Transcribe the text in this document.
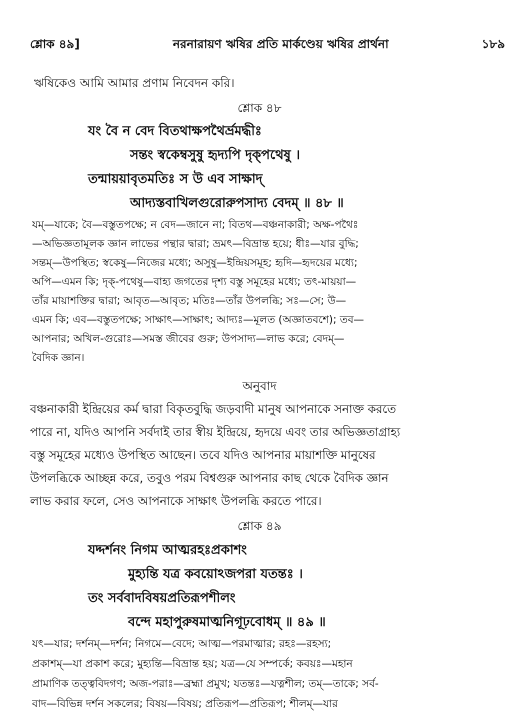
শ্লোক ৪৯]	নরনারায়ণ ঋষির প্রতি মার্কণ্ডেয় ঋষির প্রার্থনা	১৮৯
ঋষিকেও আমি আমার প্রণাম নিবেদন করি।
শ্লোক ৪৮
যং বৈ ন বেদ বিতথাক্ষপথৈর্ভ্রমদ্ধীঃ
সন্তং স্বকেম্বসুষু হৃদ্যপি দৃক্পথেষু ।
তন্মায়য়াবৃতমতিঃ স উ এব সাক্ষাদ্
আদ্যস্তবাখিলগুরোরুপসাদ্য বেদম্ ॥ ৪৮ ॥
যম্—যাকে; বৈ—বস্তুতপক্ষে; ন বেদ—জানে না; বিতথ—বঞ্চনাকারী; অক্ষ-পথৈঃ
—অভিজ্ঞতামূলক জ্ঞান লাভের পন্থার দ্বারা; ভ্রমৎ—বিভ্রান্ত হয়ে; ধীঃ—যার বুদ্ধি;
সন্তম্—উপস্থিত; স্বকেষু—নিজের মধ্যে; অসুষু—ইন্দ্রিয়সমূহ; হৃদি—হৃদয়ের মধ্যে;
অপি—এমন কি; দৃক্-পথেষু—বাহ্য জগতের দৃশ্য বস্তু সমূহের মধ্যে; তৎ-মায়য়া—
তাঁর মায়াশক্তির দ্বারা; আবৃত—আবৃত; মতিঃ—তাঁর উপলব্ধি; সঃ—সে; উ—
এমন কি; এব—বস্তুতপক্ষে; সাক্ষাৎ—সাক্ষাৎ; আদ্যঃ—মূলত (অজ্ঞাতবশে); তব—
আপনার; অখিল-গুরোঃ—সমস্ত জীবের গুরু; উপসাদ্য—লাভ করে; বেদম্—
বৈদিক জ্ঞান।
অনুবাদ
বঞ্চনাকারী ইন্দ্রিয়ের কর্ম দ্বারা বিকৃতবুদ্ধি জড়বাদী মানুষ আপনাকে সনাক্ত করতে
পারে না, যদিও আপনি সর্বদাই তার স্বীয় ইন্দ্রিয়ে, হৃদয়ে এবং তার অভিজ্ঞতাগ্রাহ্য
বস্তু সমূহের মধ্যেও উপস্থিত আছেন। তবে যদিও আপনার মায়াশক্তি মানুষের
উপলব্ধিকে আচ্ছন্ন করে, তবুও পরম বিশ্বগুরু আপনার কাছ থেকে বৈদিক জ্ঞান
লাভ করার ফলে, সেও আপনাকে সাক্ষাৎ উপলব্ধি করতে পারে।
শ্লোক ৪৯
যদ্দর্শনং নিগম আত্মরহঃপ্রকাশং
মুহ্যন্তি যত্র কবয়োঽজপরা যতন্তঃ ।
তং সর্ববাদবিষয়প্রতিরূপশীলং
বন্দে মহাপুরুষমাত্মনিগূঢ়বোধম্ ॥ ৪৯ ॥
যৎ—যার; দর্শনম্—দর্শন; নিগমে—বেদে; আত্ম—পরমাত্মার; রহঃ—রহস্য;
প্রকাশম্—যা প্রকাশ করে; মুহ্যন্তি—বিভ্রান্ত হয়; যত্র—যে সম্পর্কে; কবয়ঃ—মহান
প্রামাণিক তত্ত্ববিদগণ; অজ-পরাঃ—ব্রহ্মা প্রমুখ; যতন্তঃ—যত্নশীল; তম্—তাকে; সর্ব-
বাদ—বিভিন্ন দর্শন সকলের; বিষয়—বিষয়; প্রতিরূপ—প্রতিরূপ; শীলম্—যার
